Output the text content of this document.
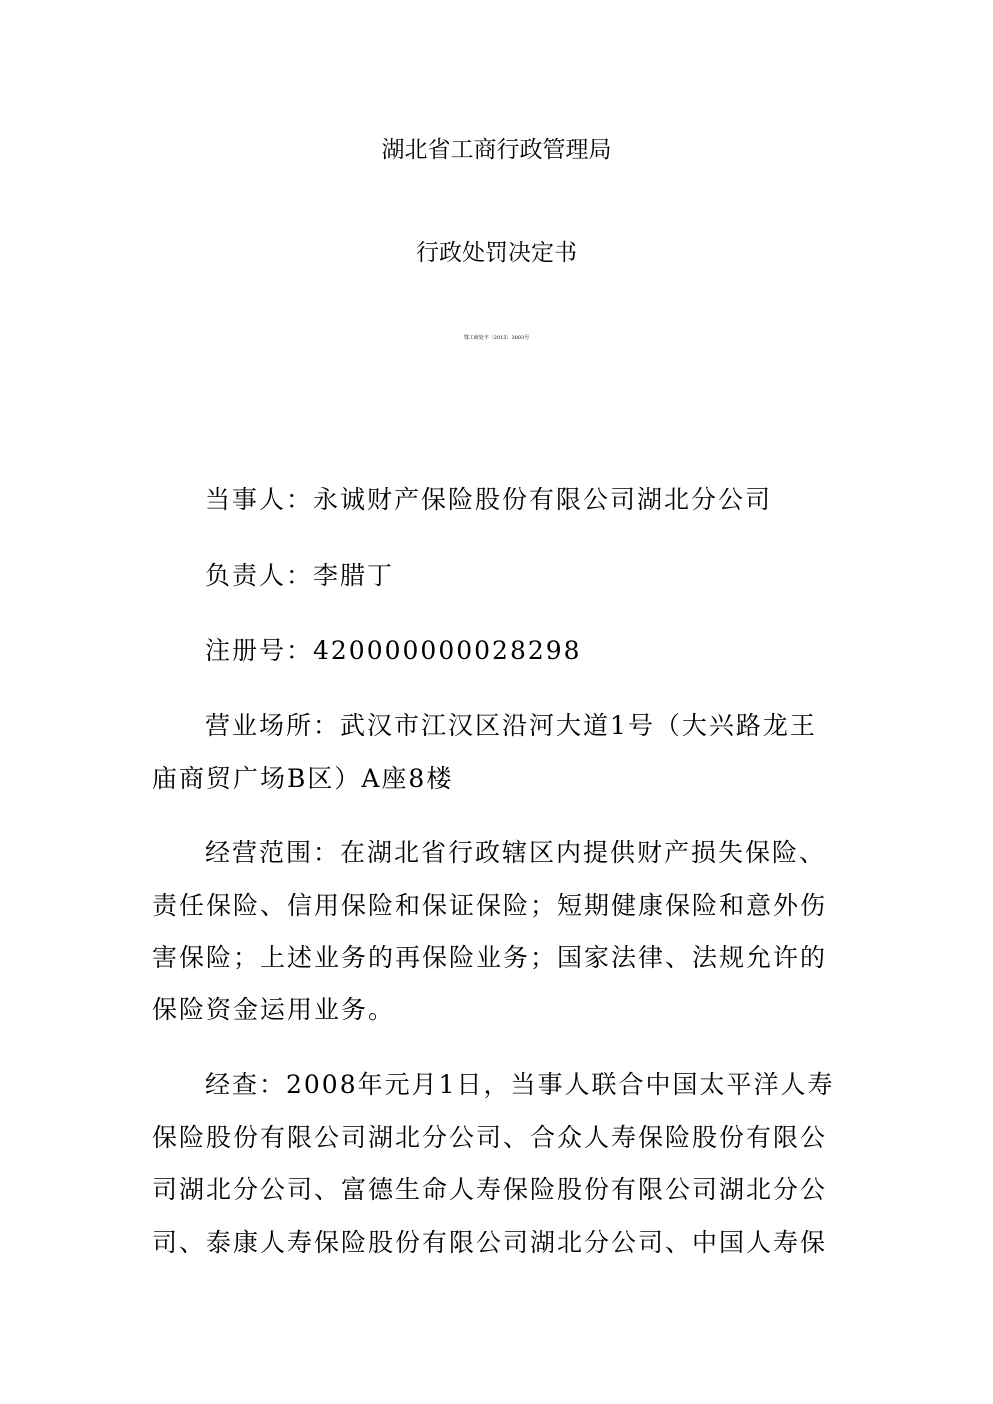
湖北省工商行政管理局
行政处罚决定书
鄂工商处字〔2015〕3003号
当事人：永诚财产保险股份有限公司湖北分公司
负责人：李腊丁
注册号：420000000028298
营业场所：武汉市江汉区沿河大道1号（大兴路龙王
庙商贸广场B区）A座8楼
经营范围：在湖北省行政辖区内提供财产损失保险、
责任保险、信用保险和保证保险；短期健康保险和意外伤
害保险；上述业务的再保险业务；国家法律、法规允许的
保险资金运用业务。
经查：2008年元月1日，当事人联合中国太平洋人寿
保险股份有限公司湖北分公司、合众人寿保险股份有限公
司湖北分公司、富德生命人寿保险股份有限公司湖北分公
司、泰康人寿保险股份有限公司湖北分公司、中国人寿保
